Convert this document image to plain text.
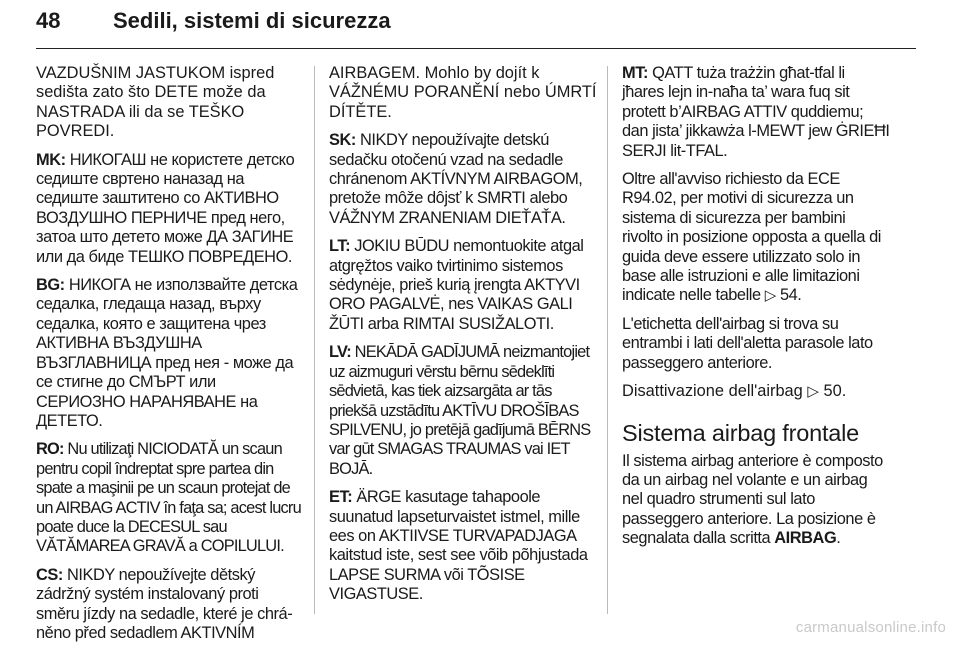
48 Sedili, sistemi di sicurezza

VAZDUŠNIM JASTUKOM ispred sedišta zato što DETE može da NASTRADA ili da se TEŠKO POVREDI.

MK: НИКОГАШ не користете детско седиште свртено наназад на седиште заштитено со АКТИВНО ВОЗДУШНО ПЕРНИЧЕ пред него, затоа што детето може ДА ЗАГИНЕ или да биде ТЕШКО ПОВРЕДЕНО.

BG: НИКОГА не използвайте детска седалка, гледаща назад, върху седалка, която е защитена чрез АКТИВНА ВЪЗДУШНА ВЪЗГЛАВНИЦА пред нея - може да се стигне до СМЪРТ или СЕРИОЗНО НАРАНЯВАНЕ на ДЕТЕТО.

RO: Nu utilizaţi NICIODATĂ un scaun pentru copil îndreptat spre partea din spate a maşinii pe un scaun protejat de un AIRBAG ACTIV în faţa sa; acest lucru poate duce la DECESUL sau VĂTĂMAREA GRAVĂ a COPILULUI.

CS: NIKDY nepoužívejte dětský zádržný systém instalovaný proti směru jízdy na sedadle, které je chráněno před sedadlem AKTIVNÍM

AIRBAGEM. Mohlo by dojít k VÁŽNÉMU PORANĚNÍ nebo ÚMRTÍ DÍTĚTE.

SK: NIKDY nepoužívajte detskú sedačku otočenú vzad na sedadle chránenom AKTÍVNYM AIRBAGOM, pretože môže dôjsť k SMRTI alebo VÁŽNYM ZRANENIAM DIEŤAŤA.

LT: JOKIU BŪDU nemontuokite atgal atgręžtos vaiko tvirtinimo sistemos sėdynėje, prieš kurią įrengta AKTYVI ORO PAGALVĖ, nes VAIKAS GALI ŽŪTI arba RIMTAI SUSIŽALOTI.

LV: NEKĀDĀ GADĪJUMĀ neizmantojiet uz aizmuguri vērstu bērnu sēdeklīti sēdvietā, kas tiek aizsargāta ar tās priekšā uzstādītu AKTĪVU DROŠĪBAS SPILVENU, jo pretējā gadījumā BĒRNS var gūt SMAGAS TRAUMAS vai IET BOJĀ.

ET: ÄRGE kasutage tahapoole suunatud lapseturvaistet istmel, mille ees on AKTIIVSE TURVAPADJAGA kaitstud iste, sest see võib põhjustada LAPSE SURMA või TÕSISE VIGASTUSE.

MT: QATT tuża trażżin għat-tfal li jħares lejn in-naħa ta’ wara fuq sit protett b’AIRBAG ATTIV quddiemu; dan jista’ jikkawża l-MEWT jew ĠRIEĦI SERJI lit-TFAL.

Oltre all'avviso richiesto da ECE R94.02, per motivi di sicurezza un sistema di sicurezza per bambini rivolto in posizione opposta a quella di guida deve essere utilizzato solo in base alle istruzioni e alle limitazioni indicate nelle tabelle ▷ 54.

L'etichetta dell'airbag si trova su entrambi i lati dell'aletta parasole lato passeggero anteriore.

Disattivazione dell'airbag ▷ 50.

Sistema airbag frontale

Il sistema airbag anteriore è composto da un airbag nel volante e un airbag nel quadro strumenti sul lato passeggero anteriore. La posizione è segnalata dalla scritta AIRBAG.

carmanualsonline.info
